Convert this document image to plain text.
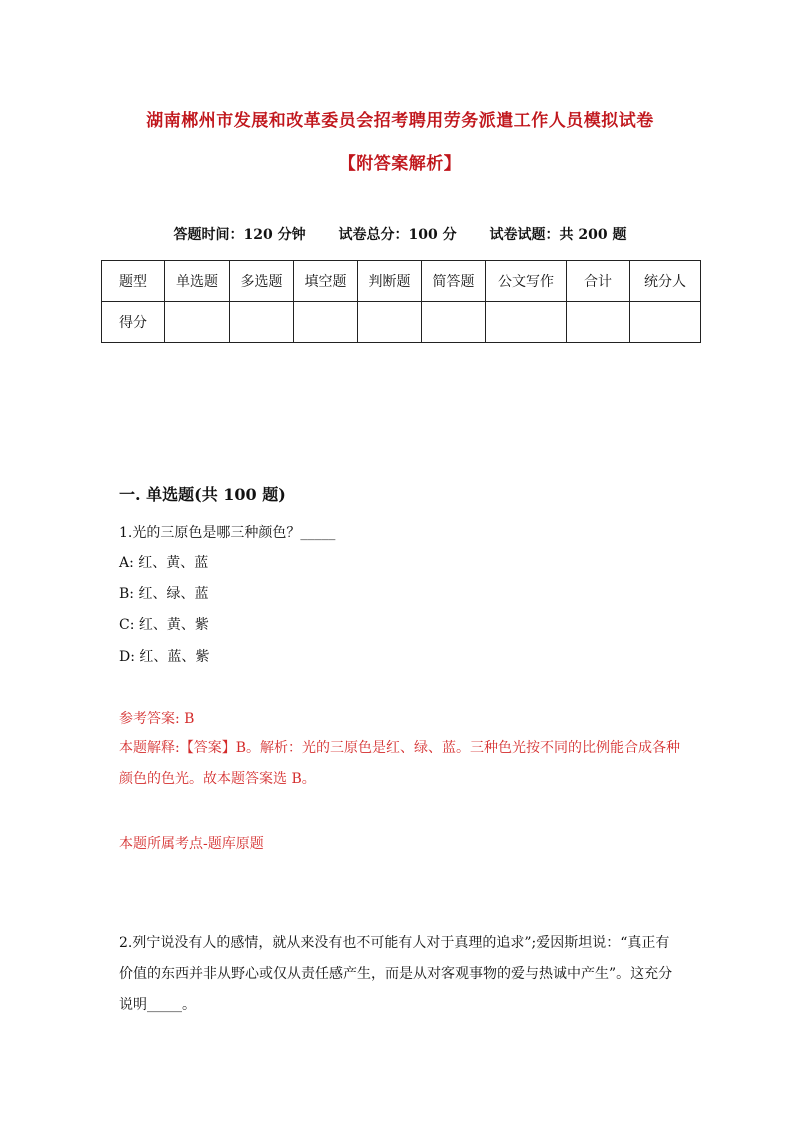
湖南郴州市发展和改革委员会招考聘用劳务派遣工作人员模拟试卷
【附答案解析】
答题时间：120 分钟 试卷总分：100 分 试卷试题：共 200 题
题型	单选题	多选题	填空题	判断题	简答题	公文写作	合计	统分人
得分								
一. 单选题(共 100 题)
1.光的三原色是哪三种颜色？_____
A: 红、黄、蓝
B: 红、绿、蓝
C: 红、黄、紫
D: 红、蓝、紫
参考答案: B
本题解释:【答案】B。解析：光的三原色是红、绿、蓝。三种色光按不同的比例能合成各种颜色的色光。故本题答案选 B。
本题所属考点-题库原题
2.列宁说没有人的感情，就从来没有也不可能有人对于真理的追求”;爱因斯坦说：“真正有价值的东西并非从野心或仅从责任感产生，而是从对客观事物的爱与热诚中产生”。这充分说明_____。
